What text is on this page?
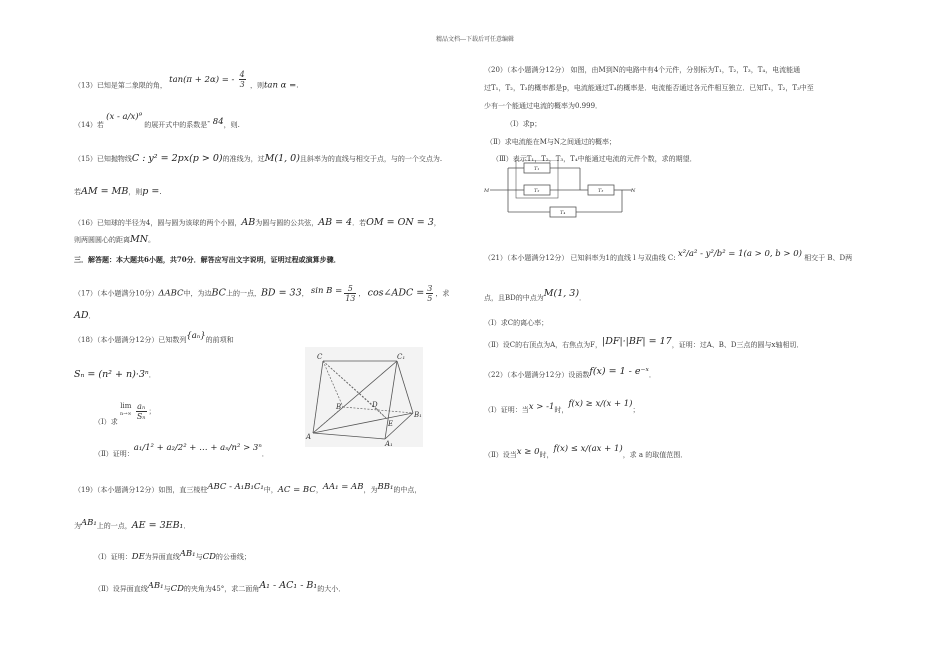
精品文档---下载后可任意编辑
（13）已知是第二象限的角， tan(π + 2α) = - $\frac{4}{3}$ ，则tan α =.
（14）若 (x - a/x)⁹ 的展开式中的系数是- 84，则.
（15）已知抛物线C : y² = 2px(p > 0)的准线为，过M(1, 0)且斜率为的直线与相交于点，与的一个交点为.
若AM = MB，则p =.
（16）已知球的半径为4，圆与圆为该球的两个小圆，AB为圆与圆的公共弦，AB = 4．若OM = ON = 3，
则两圆圆心的距离MN。
三．解答题：本大题共6小题，共70分．解答应写出文字说明，证明过程或演算步骤．
（17）（本小题满分10分）ΔABC中，为边BC上的一点，BD = 33， $\sin B = \frac{5}{13}$ ， cos∠ADC = $\frac{3}{5}$ ，求
AD．
（18）（本小题满分12分）已知数列{aₙ}的前项和
Sₙ = (n² + n)·3ⁿ．
（Ⅰ）求
lim
n→∞
$\frac{\text{aₙ}}{\text{Sₙ}}$ ；
（Ⅱ）证明：a₁/1² + a₂/2² + … + aₙ/n² > 3ⁿ．
（19）（本小题满分12分）如图，直三棱柱ABC - A₁B₁C₁中，AC = BC，AA₁ = AB，为BB₁的中点，
为AB₁上的一点，AE = 3EB₁．
（Ⅰ）证明：DE为异面直线AB₁与CD的公垂线；
（Ⅱ）设异面直线AB₁与CD的夹角为45°，求二面角A₁ - AC₁ - B₁的大小．
C	C₁
B
B₁
A
A₁
D
E
（20）（本小题满分12分） 如图，由M到N的电路中有4个元件，分别标为T₁，T₂，T₃，T₄，电流能通
过T₁，T₂，T₃的概率都是p，电流能通过T₄的概率是．电流能否通过各元件相互独立．已知T₁，T₂，T₃中至
少有一个能通过电流的概率为0.999．
（Ⅰ）求p；
（Ⅱ）求电流能在M与N之间通过的概率；
（Ⅲ）表示T₁，T₂，T₃，T₄中能通过电流的元件个数，求的期望．
M	N
T₁
T₂	T₃
T₄
（21）（本小题满分12分） 已知斜率为1的直线 l 与双曲线 C: x²/a² - y²/b² = 1(a > 0, b > 0) 相交于 B、D两
点，且BD的中点为M(1, 3)．
（Ⅰ）求C的离心率；
（Ⅱ）设C的右顶点为A，右焦点为F，|DF|·|BF| = 17，证明：过A、B、D三点的圆与x轴相切．
（22）（本小题满分12分）设函数f(x) = 1 - e⁻ˣ．
（Ⅰ）证明：当x > -1时，f(x) ≥ x/(x + 1)；
（Ⅱ）设当x ≥ 0时，f(x) ≤ x/(ax + 1)，求 a 的取值范围．
